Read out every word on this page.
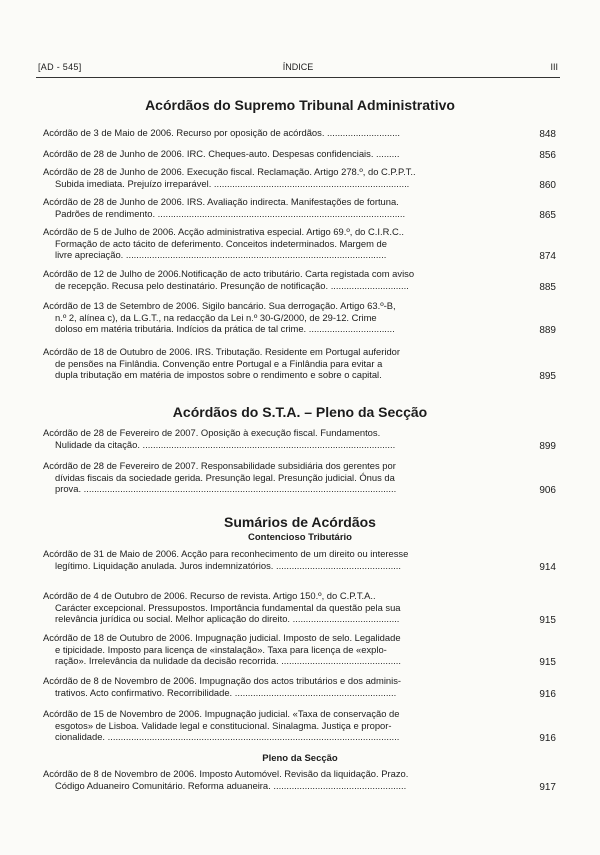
[AD - 545]	ÍNDICE	III
Acórdãos do Supremo Tribunal Administrativo
Acórdãos do S.T.A. – Pleno da Secção
Sumários de Acórdãos
Contencioso Tributário
Pleno da Secção
Acórdão de 3 de Maio de 2006. Recurso por oposição de acórdãos. ............................	848
Acórdão de 28 de Junho de 2006. IRC. Cheques-auto. Despesas confidenciais. .........	856
Acórdão de 28 de Junho de 2006. Execução fiscal. Reclamação. Artigo 278.º, do C.P.P.T..
Subida imediata. Prejuízo irreparável. ...........................................................................	860
Acórdão de 28 de Junho de 2006. IRS. Avaliação indirecta. Manifestações de fortuna.
Padrões de rendimento. ...............................................................................................	865
Acórdão de 5 de Julho de 2006. Acção administrativa especial. Artigo 69.º, do C.I.R.C..
Formação de acto tácito de deferimento. Conceitos indeterminados. Margem de
livre apreciação. ....................................................................................................	874
Acórdão de 12 de Julho de 2006.Notificação de acto tributário. Carta registada com aviso
de recepção. Recusa pelo destinatário. Presunção de notificação. ..............................	885
Acórdão de 13 de Setembro de 2006. Sigilo bancário. Sua derrogação. Artigo 63.º-B,
n.º 2, alínea c), da L.G.T., na redacção da Lei n.º 30-G/2000, de 29-12. Crime
doloso em matéria tributária. Indícios da prática de tal crime. .................................	889
Acórdão de 18 de Outubro de 2006. IRS. Tributação. Residente em Portugal auferidor
de pensões na Finlândia. Convenção entre Portugal e a Finlândia para evitar a
dupla tributação em matéria de impostos sobre o rendimento e sobre o capital.	895
Acórdão de 28 de Fevereiro de 2007. Oposição à execução fiscal. Fundamentos.
Nulidade da citação. .................................................................................................	899
Acórdão de 28 de Fevereiro de 2007. Responsabilidade subsidiária dos gerentes por
dívidas fiscais da sociedade gerida. Presunção legal. Presunção judicial. Ónus da
prova. ........................................................................................................................	906
Acórdão de 31 de Maio de 2006. Acção para reconhecimento de um direito ou interesse
legítimo. Liquidação anulada. Juros indemnizatórios. ................................................	914
Acórdão de 4 de Outubro de 2006. Recurso de revista. Artigo 150.º, do C.P.T.A..
Carácter excepcional. Pressupostos. Importância fundamental da questão pela sua
relevância jurídica ou social. Melhor aplicação do direito. .........................................	915
Acórdão de 18 de Outubro de 2006. Impugnação judicial. Imposto de selo. Legalidade
e tipicidade. Imposto para licença de «instalação». Taxa para licença de «explo-
ração». Irrelevância da nulidade da decisão recorrida. ..............................................	915
Acórdão de 8 de Novembro de 2006. Impugnação dos actos tributários e dos adminis-
trativos. Acto confirmativo. Recorribilidade. ..............................................................	916
Acórdão de 15 de Novembro de 2006. Impugnação judicial. «Taxa de conservação de
esgotos» de Lisboa. Validade legal e constitucional. Sinalagma. Justiça e propor-
cionalidade. ................................................................................................................	916
Acórdão de 8 de Novembro de 2006. Imposto Automóvel. Revisão da liquidação. Prazo.
Código Aduaneiro Comunitário. Reforma aduaneira. ...................................................	917
